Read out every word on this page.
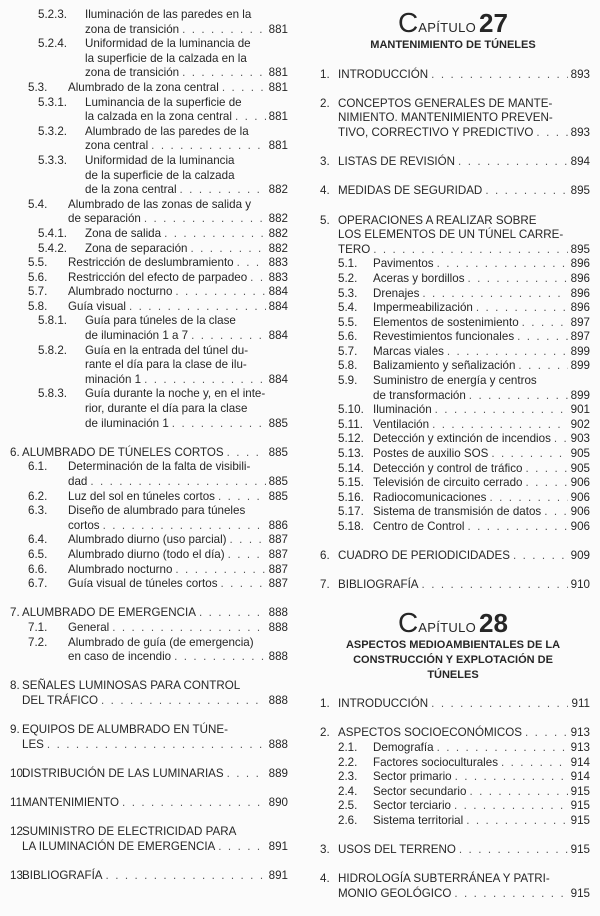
5.2.3. Iluminación de las paredes en la
zona de transición . . .	881
5.2.4. Uniformidad de la luminancia de
la superficie de la calzada en la
zona de transición . . .	881
5.3. Alumbrado de la zona central . . .	881
5.3.1. Luminancia de la superficie de
la calzada en la zona central . . .	881
5.3.2. Alumbrado de las paredes de la
zona central . . .	881
5.3.3. Uniformidad de la luminancia
de la superficie de la calzada
de la zona central . . .	882
5.4. Alumbrado de las zonas de salida y
de separación . . .	882
5.4.1. Zona de salida . . .	882
5.4.2. Zona de separación . . .	882
5.5. Restricción de deslumbramiento . . .	883
5.6. Restricción del efecto de parpadeo . . . 883
5.7. Alumbrado nocturno . . .	884
5.8. Guía visual . . .	884
5.8.1. Guía para túneles de la clase
de iluminación 1 a 7 . . .	884
5.8.2. Guía en la entrada del túnel du-
rante el día para la clase de ilu-
minación 1 . . .	884
5.8.3. Guía durante la noche y, en el inte-
rior, durante el día para la clase
de iluminación 1 . . .	885
6. ALUMBRADO DE TÚNELES CORTOS . . .	885
6.1. Determinación de la falta de visibili-
dad . . .	885
6.2. Luz del sol en túneles cortos . . .	885
6.3. Diseño de alumbrado para túneles
cortos . . .	886
6.4. Alumbrado diurno (uso parcial) . . .	887
6.5. Alumbrado diurno (todo el día) . . .	887
6.6. Alumbrado nocturno . . .	887
6.7. Guía visual de túneles cortos . . .	887
7. ALUMBRADO DE EMERGENCIA . . .	888
7.1. General . . .	888
7.2. Alumbrado de guía (de emergencia)
en caso de incendio . . .	888
8. SEÑALES LUMINOSAS PARA CONTROL
DEL TRÁFICO . . .	888
9. EQUIPOS DE ALUMBRADO EN TÚNE-
LES . . .	888
10.
DISTRIBUCIÓN DE LAS LUMINARIAS . . .	889
11.
MANTENIMIENTO . . .	890
12.
SUMINISTRO DE ELECTRICIDAD PARA
LA ILUMINACIÓN DE EMERGENCIA . . .	891
13.
BIBLIOGRAFÍA . . .	891
CAPÍTULO 27
MANTENIMIENTO DE TÚNELES
1. INTRODUCCIÓN . . .	893
2. CONCEPTOS GENERALES DE MANTE-
NIMIENTO. MANTENIMIENTO PREVEN-
TIVO, CORRECTIVO Y PREDICTIVO . . .	893
3. LISTAS DE REVISIÓN . . .	894
4. MEDIDAS DE SEGURIDAD . . .	895
5. OPERACIONES A REALIZAR SOBRE
LOS ELEMENTOS DE UN TÚNEL CARRE-
TERO . . .	895
5.1. Pavimentos . . .	896
5.2. Aceras y bordillos . . .	896
5.3. Drenajes . . .	896
5.4. Impermeabilización . . .	896
5.5. Elementos de sostenimiento . . .	897
5.6. Revestimientos funcionales . . .	897
5.7. Marcas viales . . .	899
5.8. Balizamiento y señalización . . .	899
5.9. Suministro de energía y centros
de transformación . . .	899
5.10. Iluminación . . .	901
5.11. Ventilación . . .	902
5.12. Detección y extinción de incendios . . . 903
5.13. Postes de auxilio SOS . . .	905
5.14. Detección y control de tráfico . . .	905
5.15. Televisión de circuito cerrado . . .	906
5.16. Radiocomunicaciones . . .	906
5.17. Sistema de transmisión de datos . . .	906
5.18. Centro de Control . . .	906
6. CUADRO DE PERIODICIDADES . . .	909
7. BIBLIOGRAFÍA . . .	910
CAPÍTULO 28
ASPECTOS MEDIOAMBIENTALES DE LA
CONSTRUCCIÓN Y EXPLOTACIÓN DE
TÚNELES
1. INTRODUCCIÓN . . .	911
2. ASPECTOS SOCIOECONÓMICOS . . .	913
2.1. Demografía . . .	913
2.2. Factores socioculturales . . .	914
2.3. Sector primario . . .	914
2.4. Sector secundario . . .	915
2.5. Sector terciario . . .	915
2.6. Sistema territorial . . .	915
3. USOS DEL TERRENO . . .	915
4. HIDROLOGÍA SUBTERRÁNEA Y PATRI-
MONIO GEOLÓGICO . . .	915
